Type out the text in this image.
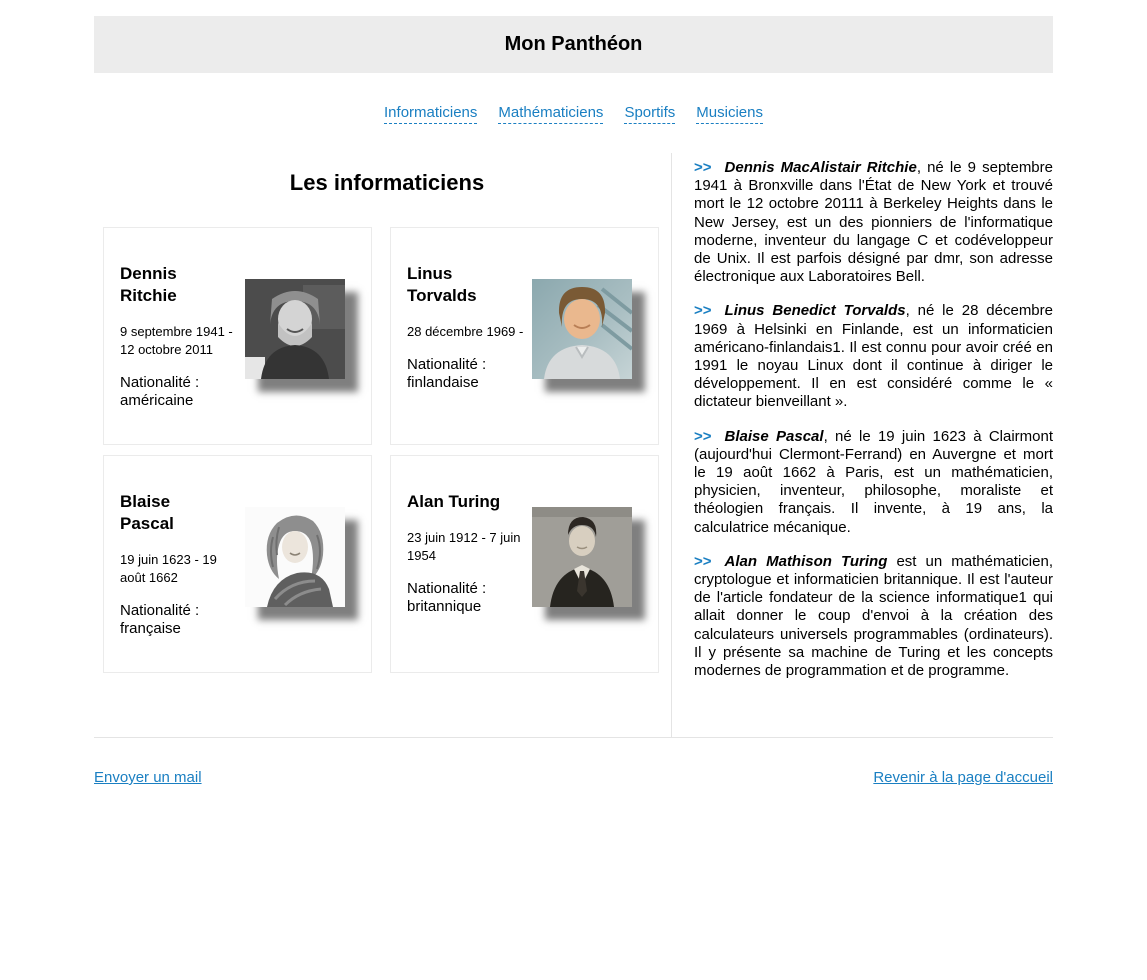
Mon Panthéon
Informaticiens Mathématiciens Sportifs Musiciens
Les informaticiens
Dennis Ritchie

9 septembre 1941 - 12 octobre 2011

Nationalité : américaine

Linus Torvalds

28 décembre 1969 -

Nationalité : finlandaise

Blaise Pascal

19 juin 1623 - 19 août 1662

Nationalité : française

Alan Turing

23 juin 1912 - 7 juin 1954

Nationalité : britannique

>> Dennis MacAlistair Ritchie, né le 9 septembre 1941 à Bronxville dans l'État de New York et trouvé mort le 12 octobre 20111 à Berkeley Heights dans le New Jersey, est un des pionniers de l'informatique moderne, inventeur du langage C et codéveloppeur de Unix. Il est parfois désigné par dmr, son adresse électronique aux Laboratoires Bell.

>> Linus Benedict Torvalds, né le 28 décembre 1969 à Helsinki en Finlande, est un informaticien américano-finlandais1. Il est connu pour avoir créé en 1991 le noyau Linux dont il continue à diriger le développement. Il en est considéré comme le « dictateur bienveillant ».

>> Blaise Pascal, né le 19 juin 1623 à Clairmont (aujourd'hui Clermont-Ferrand) en Auvergne et mort le 19 août 1662 à Paris, est un mathématicien, physicien, inventeur, philosophe, moraliste et théologien français. Il invente, à 19 ans, la calculatrice mécanique.

>> Alan Mathison Turing est un mathématicien, cryptologue et informaticien britannique. Il est l'auteur de l'article fondateur de la science informatique1 qui allait donner le coup d'envoi à la création des calculateurs universels programmables (ordinateurs). Il y présente sa machine de Turing et les concepts modernes de programmation et de programme.

Envoyer un mail	Revenir à la page d'accueil
